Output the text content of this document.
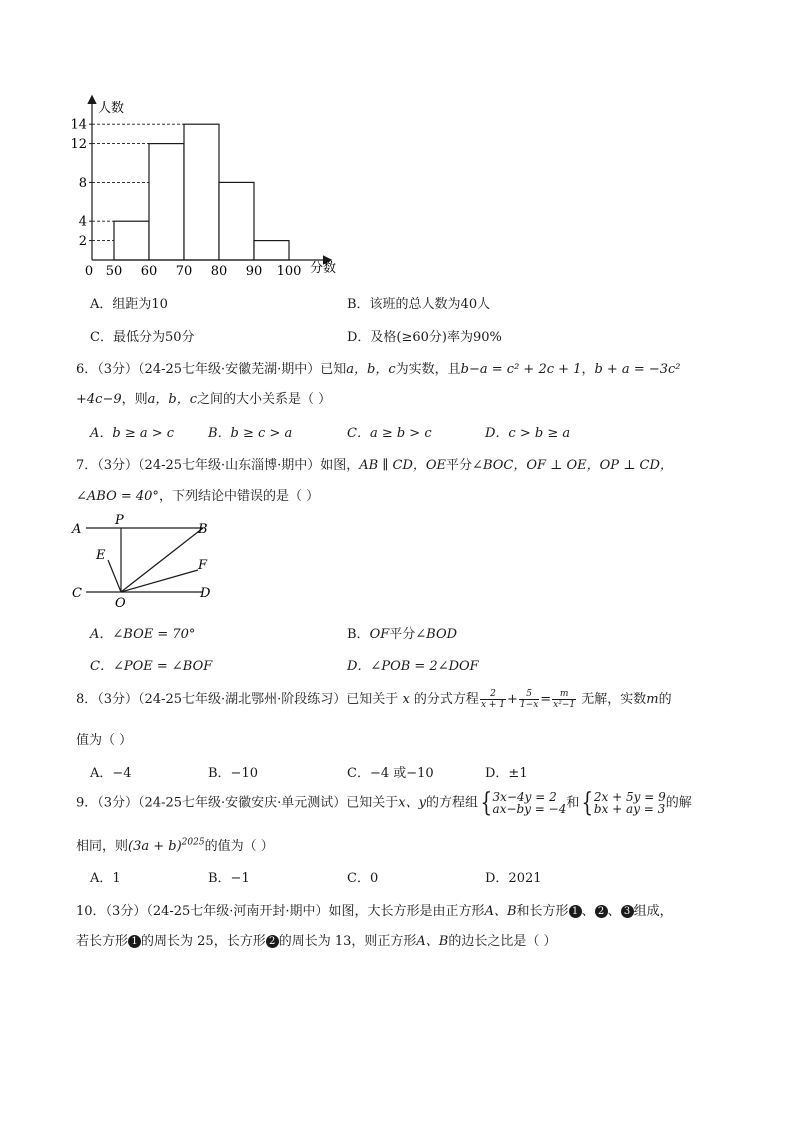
人数
分数
2
4
8
12
14
0 50 60 70 80 90 100
A．组距为10	B．该班的总人数为40人
C．最低分为50分	D．及格(≥60分)率为90%
6．（3分）（24-25七年级·安徽芜湖·期中）已知a，b，c为实数，且b−a = c² + 2c + 1，b + a = −3c²
+4c−9，则a，b，c之间的大小关系是（ ）
A．b ≥ a > c	B．b ≥ c > a	C．a ≥ b > c	D．c > b ≥ a
7．（3分）（24-25七年级·山东淄博·期中）如图，AB ∥ CD，OE平分∠BOC，OF ⊥ OE，OP ⊥ CD，
∠ABO = 40°，下列结论中错误的是（ ）
A
P
B
E
F
C
O
D
A．∠BOE = 70°	B．OF平分∠BOD
C．∠POE = ∠BOF	D．∠POB = 2∠DOF
8．（3分）（24-25七年级·湖北鄂州·阶段练习）已知关于 x 的分式方程 $\frac{2}{x + 1} + \frac{5}{1-x} = \frac{m}{\text{x²−1}}$ 无解，实数m的
值为（ ）
A．−4	B．−10	C．−4 或−10	D．±1
9．（3分）（24-25七年级·安徽安庆·单元测试）已知关于x、y的方程组{ 3x−4y = 2
ax−by = −4 和{ 2x + 5y = 9
bx + ay = 3 的解
相同，则$(3a + b)^{2025}$的值为（ ）
A．1	B．−1	C．0	D．2021
10．（3分）（24-25七年级·河南开封·期中）如图，大长方形是由正方形A、B和长方形 1 、 2 、 3 组成，
若长方形 1 的周长为 25，长方形 2 的周长为 13，则正方形A、B的边长之比是（ ）
